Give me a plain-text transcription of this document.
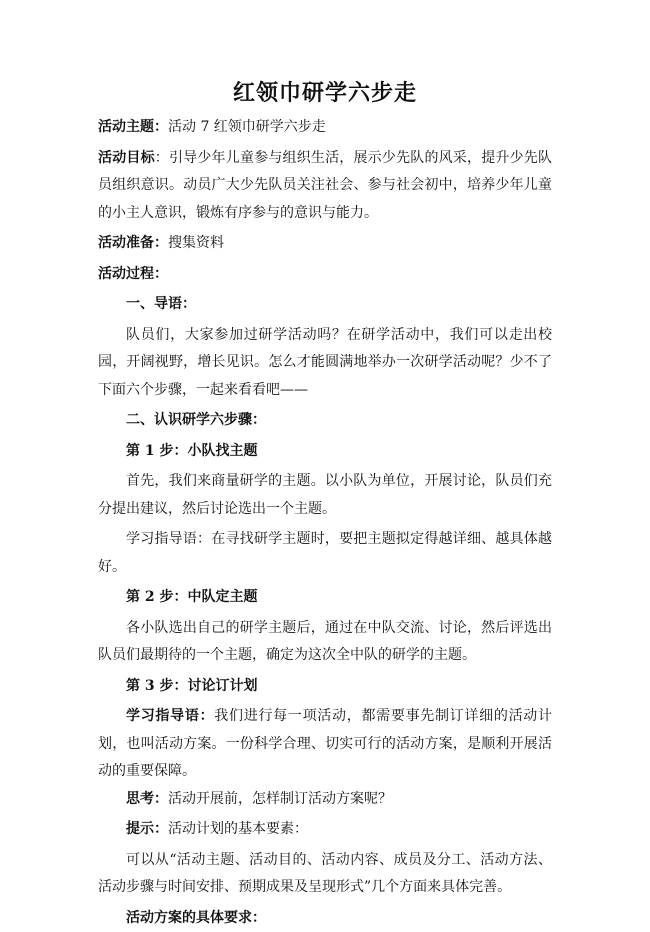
红领巾研学六步走

活动主题：活动 7 红领巾研学六步走

活动目标：引导少年儿童参与组织生活，展示少先队的风采，提升少先队员组织意识。动员广大少先队员关注社会、参与社会初中，培养少年儿童的小主人意识，锻炼有序参与的意识与能力。

活动准备：搜集资料

活动过程：

一、导语：

队员们，大家参加过研学活动吗？在研学活动中，我们可以走出校园，开阔视野，增长见识。怎么才能圆满地举办一次研学活动呢？少不了下面六个步骤，一起来看看吧——

二、认识研学六步骤：

第 1 步：小队找主题

首先，我们来商量研学的主题。以小队为单位，开展讨论，队员们充分提出建议，然后讨论选出一个主题。

学习指导语：在寻找研学主题时，要把主题拟定得越详细、越具体越好。

第 2 步：中队定主题

各小队选出自己的研学主题后，通过在中队交流、讨论，然后评选出队员们最期待的一个主题，确定为这次全中队的研学的主题。

第 3 步：讨论订计划

学习指导语：我们进行每一项活动，都需要事先制订详细的活动计划，也叫活动方案。一份科学合理、切实可行的活动方案，是顺利开展活动的重要保障。

思考：活动开展前，怎样制订活动方案呢？

提示：活动计划的基本要素：

可以从“活动主题、活动目的、活动内容、成员及分工、活动方法、活动步骤与时间安排、预期成果及呈现形式”几个方面来具体完善。

活动方案的具体要求：
